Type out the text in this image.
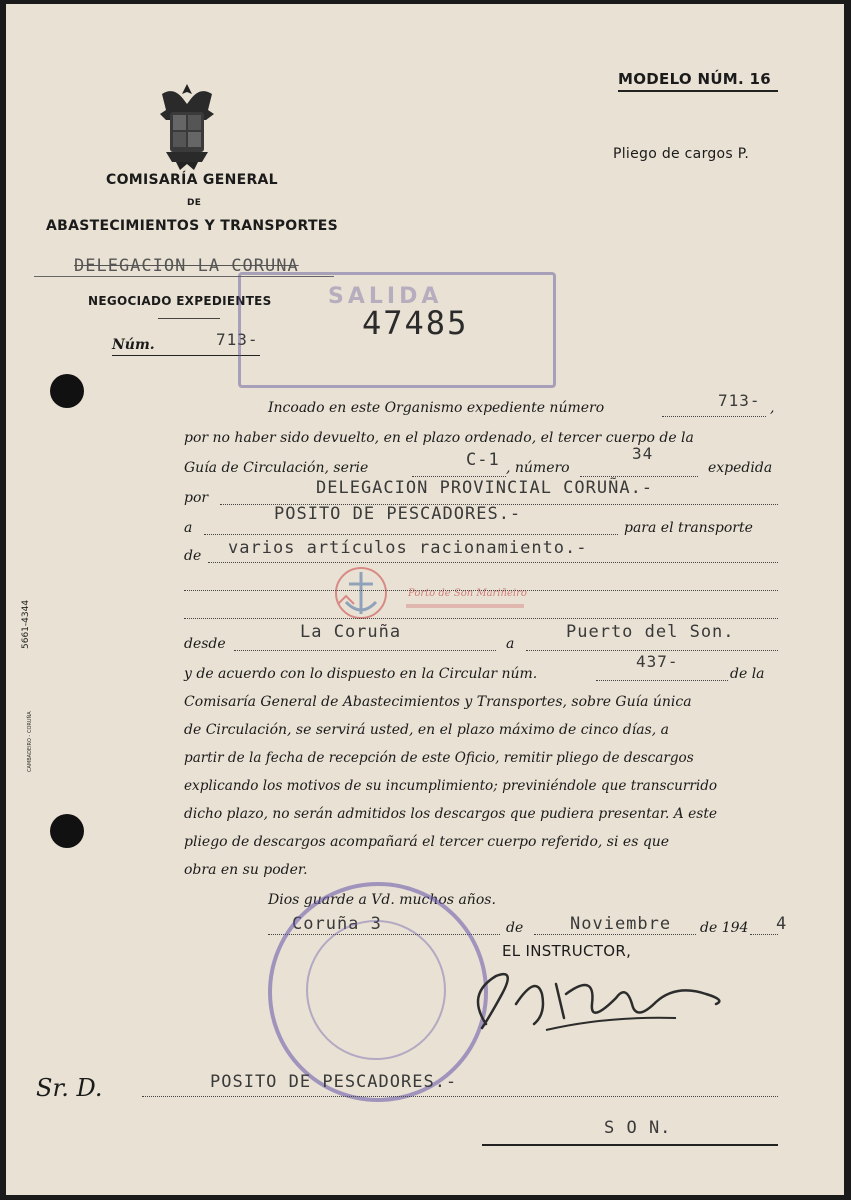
COMISARÍA GENERAL
DE
ABASTECIMIENTOS Y TRANSPORTES
DELEGACION LA CORUNA
NEGOCIADO EXPEDIENTES
Núm.	713-
MODELO NÚM. 16
Pliego de cargos P.
SALIDA
47485
CAMBADEIRO - CORUÑA
5661-4344
Porto de Son Mariñeiro
Incoado en este Organismo expediente número	713- ,
por no haber sido devuelto, en el plazo ordenado, el tercer cuerpo de la
Guía de Circulación, serie	C-1 , número
34
expedida
por	DELEGACION PROVINCIAL CORUÑA.-
a
POSITO DE PESCADORES.-
para el transporte
de varios artículos racionamiento.-
desde
La Coruña
a
Puerto del Son.
y de acuerdo con lo dispuesto en la Circular núm.
437-
de la
Comisaría General de Abastecimientos y Transportes, sobre Guía única
de Circulación, se servirá usted, en el plazo máximo de cinco días, a
partir de la fecha de recepción de este Oficio, remitir pliego de descargos
explicando los motivos de su incumplimiento; previniéndole que transcurrido
dicho plazo, no serán admitidos los descargos que pudiera presentar. A este
pliego de descargos acompañará el tercer cuerpo referido, si es que
obra en su poder.
Dios guarde a Vd. muchos años.
Coruña 3	de	Noviembre de 194 4
EL INSTRUCTOR,
Sr. D.	POSITO DE PESCADORES.-
S O N.
